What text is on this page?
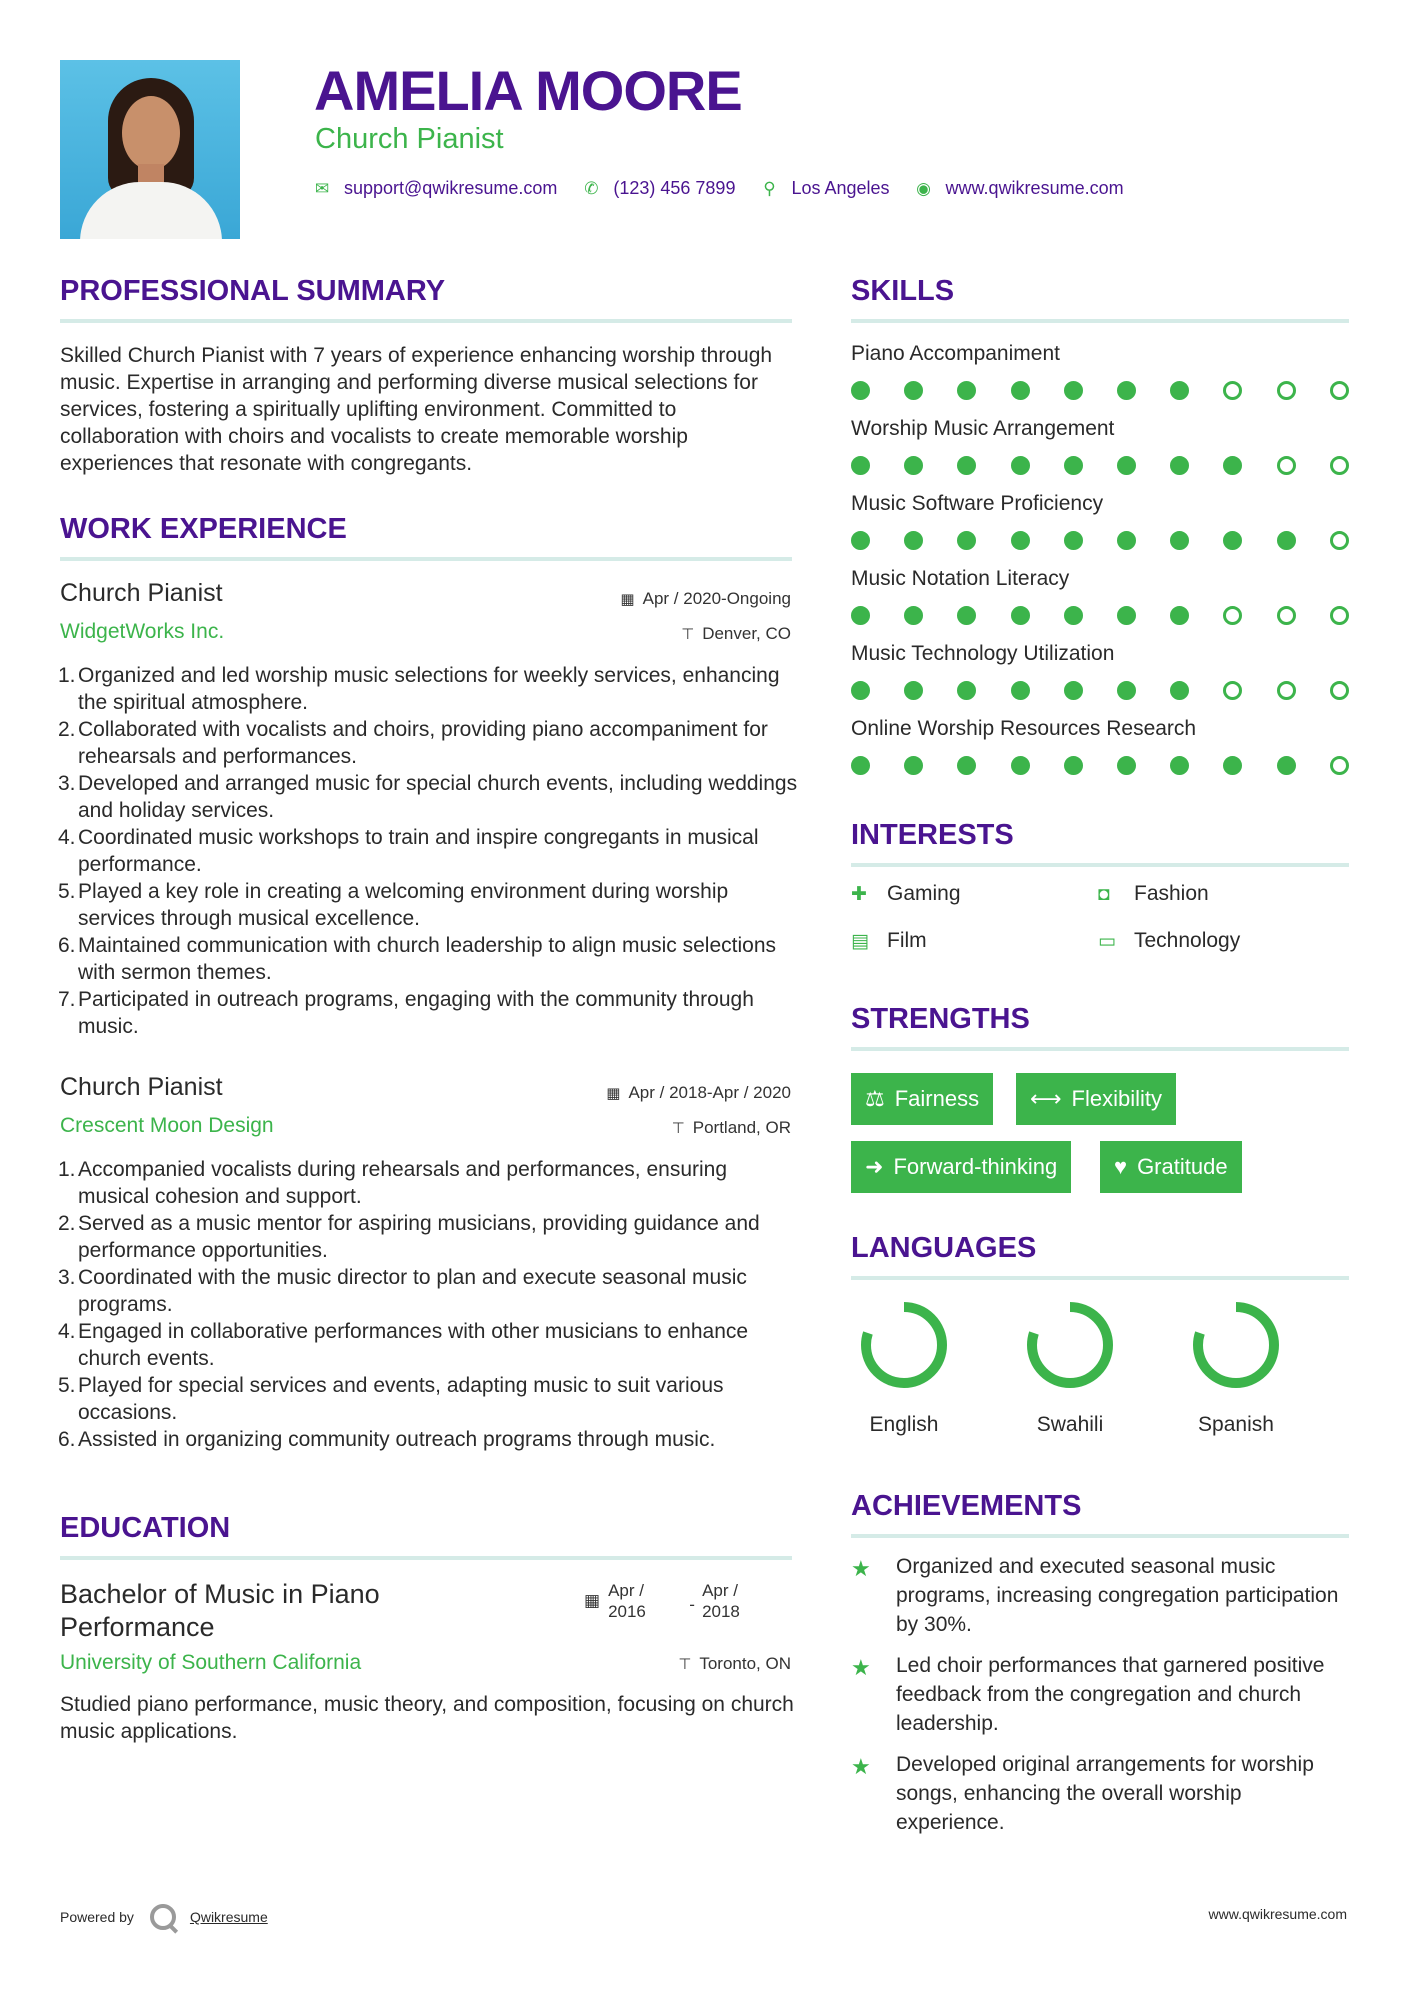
AMELIA MOORE
Church Pianist
✉ support@qwikresume.com ✆ (123) 456 7899 ⚲ Los Angeles ◉ www.qwikresume.com
PROFESSIONAL SUMMARY
Skilled Church Pianist with 7 years of experience enhancing worship through music. Expertise in arranging and performing diverse musical selections for services, fostering a spiritually uplifting environment. Committed to collaboration with choirs and vocalists to create memorable worship experiences that resonate with congregants.
WORK EXPERIENCE
Church Pianist
WidgetWorks Inc.
▦ Apr / 2020-Ongoing
⊤ Denver, CO
1. Organized and led worship music selections for weekly services, enhancing the spiritual atmosphere.
2. Collaborated with vocalists and choirs, providing piano accompaniment for rehearsals and performances.
3. Developed and arranged music for special church events, including weddings and holiday services.
4. Coordinated music workshops to train and inspire congregants in musical performance.
5. Played a key role in creating a welcoming environment during worship services through musical excellence.
6. Maintained communication with church leadership to align music selections with sermon themes.
7. Participated in outreach programs, engaging with the community through music.
Church Pianist
Crescent Moon Design
▦ Apr / 2018-Apr / 2020
⊤ Portland, OR
1. Accompanied vocalists during rehearsals and performances, ensuring musical cohesion and support.
2. Served as a music mentor for aspiring musicians, providing guidance and performance opportunities.
3. Coordinated with the music director to plan and execute seasonal music programs.
4. Engaged in collaborative performances with other musicians to enhance church events.
5. Played for special services and events, adapting music to suit various occasions.
6. Assisted in organizing community outreach programs through music.
EDUCATION
Bachelor of Music in Piano Performance
▦
Apr / 2016	-
Apr / 2018
University of Southern California	⊤ Toronto, ON
Studied piano performance, music theory, and composition, focusing on church music applications.
SKILLS
Piano Accompaniment
Worship Music Arrangement
Music Software Proficiency
Music Notation Literacy
Music Technology Utilization
Online Worship Resources Research
INTERESTS
✚ Gaming	◘ Fashion
▤ Film	▭ Technology
STRENGTHS
⚖ Fairness	⟷ Flexibility
➜ Forward-thinking	♥ Gratitude
LANGUAGES
English	Swahili	Spanish
ACHIEVEMENTS
★ Organized and executed seasonal music programs, increasing congregation participation by 30%.
★ Led choir performances that garnered positive feedback from the congregation and church leadership.
★ Developed original arrangements for worship songs, enhancing the overall worship experience.
Powered by	Qwikresume	www.qwikresume.com
